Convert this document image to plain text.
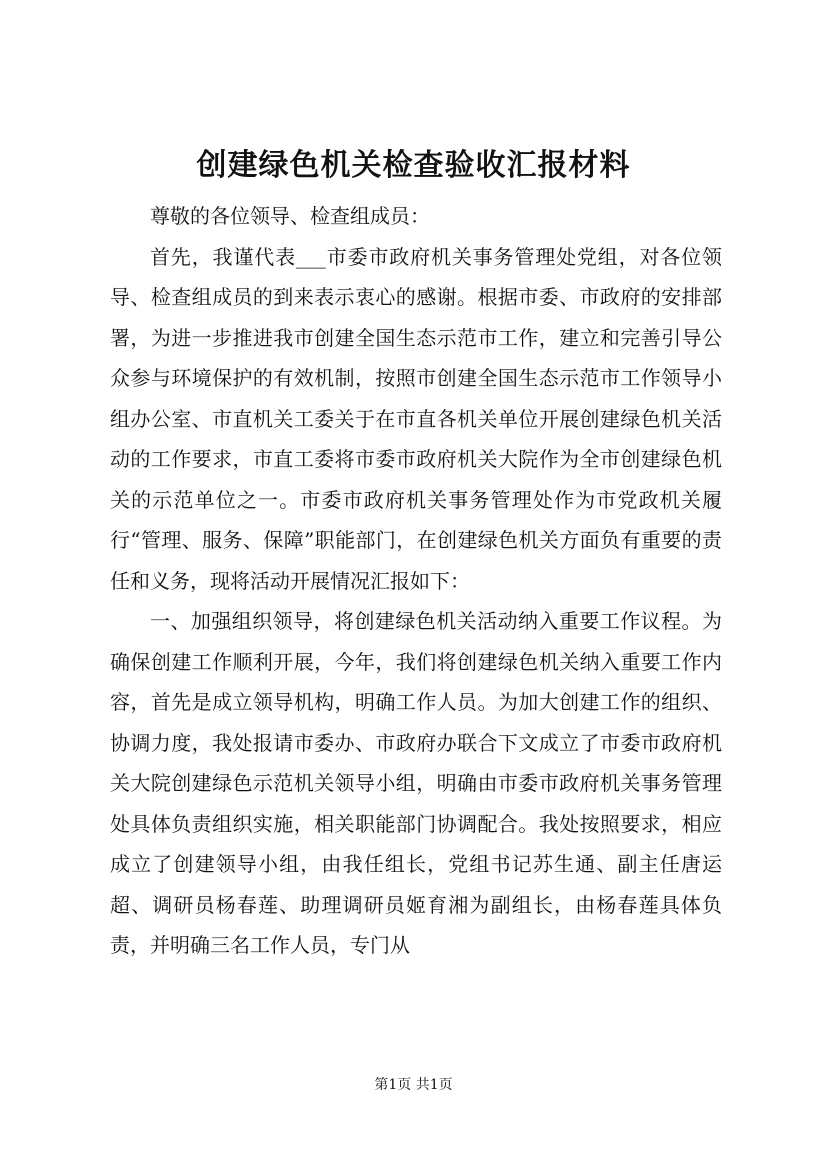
创建绿色机关检查验收汇报材料

尊敬的各位领导、检查组成员：

首先，我谨代表___市委市政府机关事务管理处党组，对各位领导、检查组成员的到来表示衷心的感谢。根据市委、市政府的安排部署，为进一步推进我市创建全国生态示范市工作，建立和完善引导公众参与环境保护的有效机制，按照市创建全国生态示范市工作领导小组办公室、市直机关工委关于在市直各机关单位开展创建绿色机关活动的工作要求，市直工委将市委市政府机关大院作为全市创建绿色机关的示范单位之一。市委市政府机关事务管理处作为市党政机关履行“管理、服务、保障”职能部门，在创建绿色机关方面负有重要的责任和义务，现将活动开展情况汇报如下：

一、加强组织领导，将创建绿色机关活动纳入重要工作议程。为确保创建工作顺利开展，今年，我们将创建绿色机关纳入重要工作内容，首先是成立领导机构，明确工作人员。为加大创建工作的组织、协调力度，我处报请市委办、市政府办联合下文成立了市委市政府机关大院创建绿色示范机关领导小组，明确由市委市政府机关事务管理处具体负责组织实施，相关职能部门协调配合。我处按照要求，相应成立了创建领导小组，由我任组长，党组书记苏生通、副主任唐运超、调研员杨春莲、助理调研员姬育湘为副组长，由杨春莲具体负责，并明确三名工作人员，专门从

第1页 共1页
